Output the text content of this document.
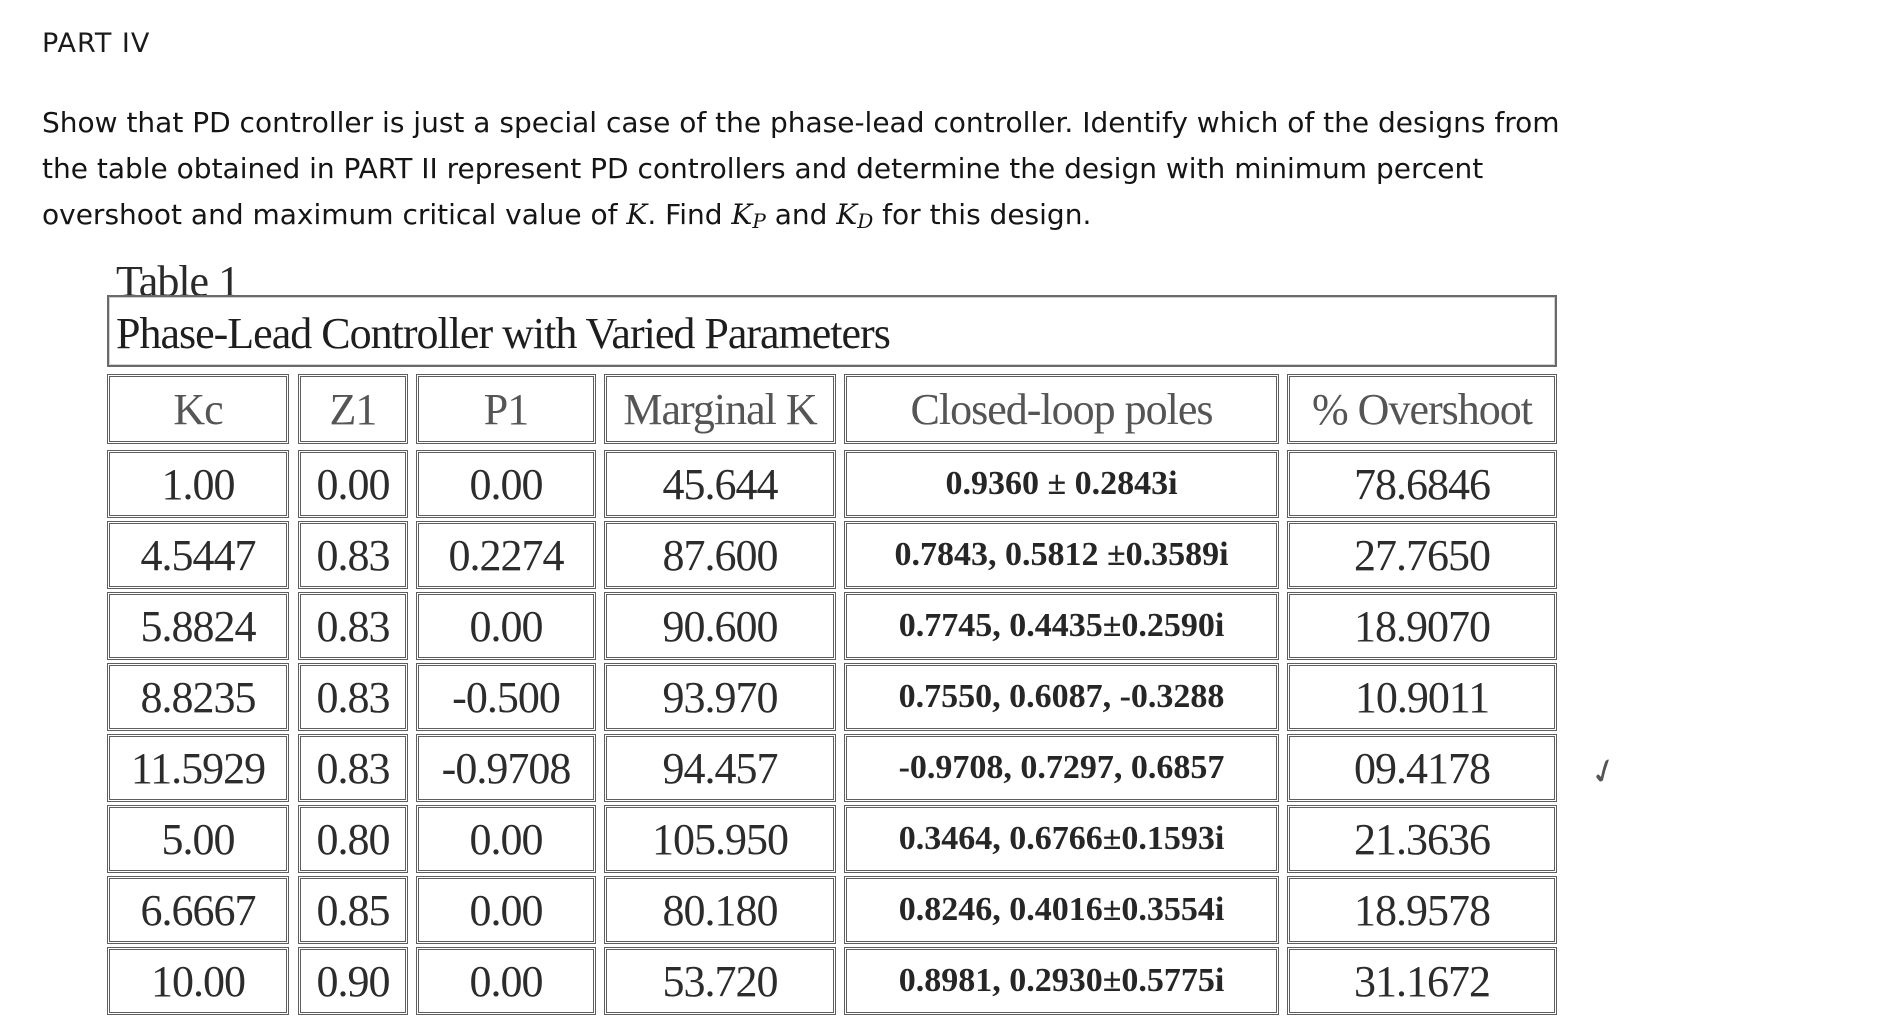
PART IV
Show that PD controller is just a special case of the phase-lead controller. Identify which of the designs from the table obtained in PART II represent PD controllers and determine the design with minimum percent overshoot and maximum critical value of K. Find $K_P$ and $K_D$ for this design.
Table 1
Phase-Lead Controller with Varied Parameters
Kc	Z1	P1	Marginal K	Closed-loop poles	% Overshoot
1.00	0.00	0.00	45.644	0.9360 ± 0.2843i	78.6846
4.5447	0.83	0.2274	87.600	0.7843, 0.5812 ±0.3589i	27.7650
5.8824	0.83	0.00	90.600	0.7745, 0.4435±0.2590i	18.9070
8.8235	0.83	-0.500	93.970	0.7550, 0.6087, -0.3288	10.9011
11.5929	0.83	-0.9708	94.457	-0.9708, 0.7297, 0.6857	09.4178
5.00	0.80	0.00	105.950	0.3464, 0.6766±0.1593i	21.3636
6.6667	0.85	0.00	80.180	0.8246, 0.4016±0.3554i	18.9578
10.00	0.90	0.00	53.720	0.8981, 0.2930±0.5775i	31.1672
✓
